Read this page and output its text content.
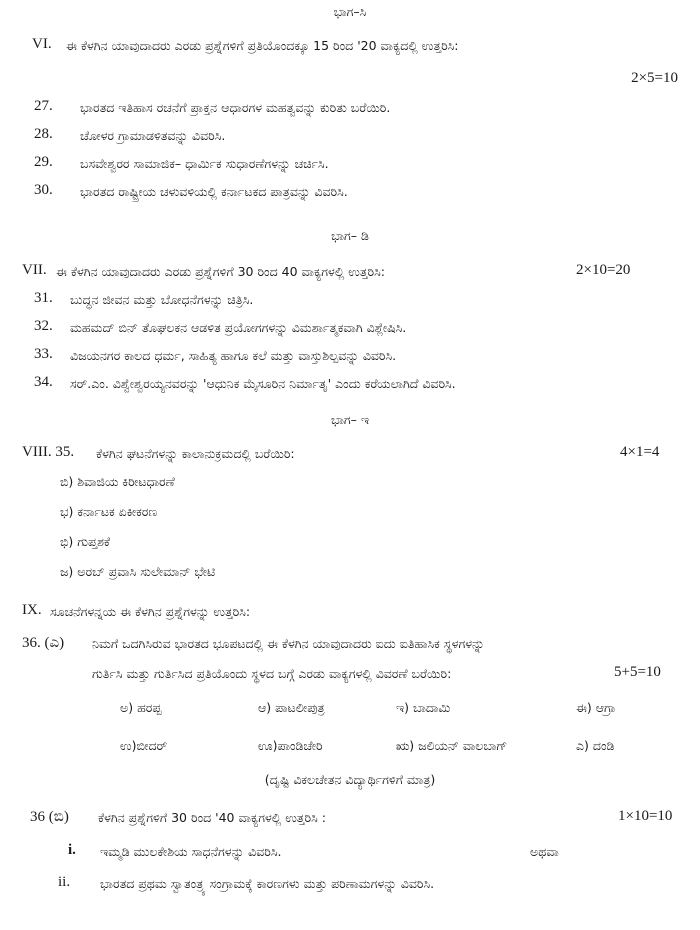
ಭಾಗ–ಸಿ
VI. ಈ ಕೆಳಗಿನ ಯಾವುದಾದರು ಎರಡು ಪ್ರಶ್ನೆಗಳಿಗೆ ಪ್ರತಿಯೊಂದಕ್ಕೂ 15 ರಿಂದ '20 ವಾಕ್ಯದಲ್ಲಿ ಉತ್ತರಿಸಿ:
2×5=10
27. ಭಾರತದ ಇತಿಹಾಸ ರಚನೆಗೆ ಪ್ರಾಕ್ತನ ಆಧಾರಗಳ ಮಹತ್ವವನ್ನು ಕುರಿತು ಬರೆಯಿರಿ.
28. ಚೋಳರ ಗ್ರಾಮಾಡಳಿತವನ್ನು ವಿವರಿಸಿ.
29. ಬಸವೇಶ್ವರರ ಸಾಮಾಜಿಕ– ಧಾರ್ಮಿಕ ಸುಧಾರಣೆಗಳನ್ನು ಚರ್ಚಿಸಿ.
30. ಭಾರತದ ರಾಷ್ಟ್ರೀಯ ಚಳುವಳಿಯಲ್ಲಿ ಕರ್ನಾಟಕದ ಪಾತ್ರವನ್ನು ವಿವರಿಸಿ.
ಭಾಗ– ಡಿ
VII. ಈ ಕೆಳಗಿನ ಯಾವುದಾದರು ಎರಡು ಪ್ರಶ್ನೆಗಳಿಗೆ 30 ರಿಂದ 40 ವಾಕ್ಯಗಳಲ್ಲಿ ಉತ್ತರಿಸಿ:	2×10=20
31. ಬುದ್ಧನ ಜೀವನ ಮತ್ತು ಬೋಧನೆಗಳನ್ನು ಚಿತ್ರಿಸಿ.
32. ಮಹಮದ್ ಬಿನ್ ತೊಘಲಕನ ಆಡಳಿತ ಪ್ರಯೋಗಗಳನ್ನು ವಿಮರ್ಶಾತ್ಮಕವಾಗಿ ವಿಶ್ಲೇಷಿಸಿ.
33. ವಿಜಯನಗರ ಕಾಲದ ಧರ್ಮ, ಸಾಹಿತ್ಯ ಹಾಗೂ ಕಲೆ ಮತ್ತು ವಾಸ್ತುಶಿಲ್ಪವನ್ನು ವಿವರಿಸಿ.
34. ಸರ್.ಎಂ. ವಿಶ್ವೇಶ್ವರಯ್ಯನವರನ್ನು 'ಆಧುನಿಕ ಮೈಸೂರಿನ ನಿರ್ಮಾತೃ' ಎಂದು ಕರೆಯಲಾಗಿದೆ ವಿವರಿಸಿ.
ಭಾಗ– ಇ
VIII. 35. ಕೆಳಗಿನ ಘಟನೆಗಳನ್ನು ಕಾಲಾನುಕ್ರಮದಲ್ಲಿ ಬರೆಯಿರಿ:	4×1=4
ಬಿ) ಶಿವಾಜಿಯ ಕಿರೀಟಧಾರಣೆ
ಭ) ಕರ್ನಾಟಕ ಏಕೀಕರಣ
ಭಿ) ಗುಪ್ತಶಕೆ
ಜ) ಅರಬ್ ಪ್ರವಾಸಿ ಸುಲೇಮಾನ್ ಭೇಟಿ
IX. ಸೂಚನೆಗಳನ್ನಯ ಈ ಕೆಳಗಿನ ಪ್ರಶ್ನೆಗಳನ್ನು ಉತ್ತರಿಸಿ:
36. (ಎ) ನಿಮಗೆ ಒದಗಿಸಿರುವ ಭಾರತದ ಭೂಪಟದಲ್ಲಿ ಈ ಕೆಳಗಿನ ಯಾವುದಾದರು ಐದು ಐತಿಹಾಸಿಕ ಸ್ಥಳಗಳನ್ನು
ಗುರ್ತಿಸಿ ಮತ್ತು ಗುರ್ತಿಸಿದ ಪ್ರತಿಯೊಂದು ಸ್ಥಳದ ಬಗ್ಗೆ ಎರಡು ವಾಕ್ಯಗಳಲ್ಲಿ ವಿವರಣೆ ಬರೆಯಿರಿ:	5+5=10
ಅ) ಹರಪ್ಪ	ಆ) ಪಾಟಲೀಪುತ್ರ	ಇ) ಬಾದಾಮಿ	ಈ) ಆಗ್ರಾ
ಉ)ಬೀದರ್	ಊ)ಪಾಂಡಿಚೇರಿ	ಋ) ಜಲಿಯನ್ ವಾಲಬಾಗ್	ಎ) ದಂಡಿ
(ದೃಷ್ಟಿ ವಿಕಲಚೇತನ ವಿದ್ಯಾರ್ಥಿಗಳಿಗೆ ಮಾತ್ರ)
36 (ಬಿ) ಕೆಳಗಿನ ಪ್ರಶ್ನೆಗಳಿಗೆ 30 ರಿಂದ '40 ವಾಕ್ಯಗಳಲ್ಲಿ ಉತ್ತರಿಸಿ :	1×10=10
i. ಇಮ್ಮಡಿ ಮುಲಕೇಶಿಯ ಸಾಧನೆಗಳನ್ನು ವಿವರಿಸಿ.	ಅಥವಾ
ii. ಭಾರತದ ಪ್ರಥಮ ಸ್ವಾತಂತ್ರ್ಯ ಸಂಗ್ರಾಮಕ್ಕೆ ಕಾರಣಗಳು ಮತ್ತು ಪರಿಣಾಮಗಳನ್ನು ವಿವರಿಸಿ.
